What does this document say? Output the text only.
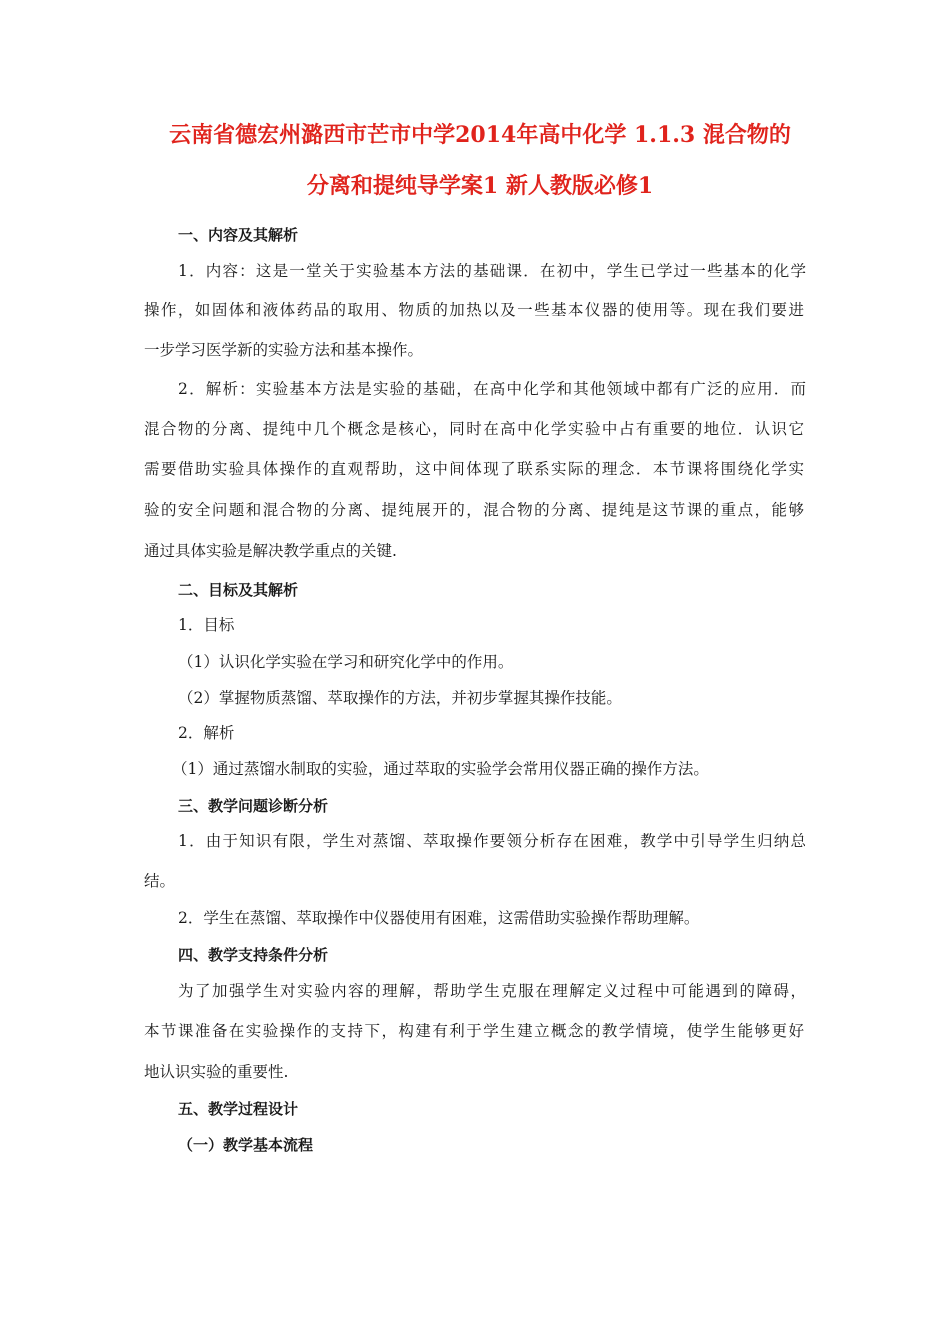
云南省德宏州潞西市芒市中学2014年高中化学 1.1.3 混合物的
分离和提纯导学案1 新人教版必修1
一、内容及其解析
1．内容：这是一堂关于实验基本方法的基础课．在初中，学生已学过一些基本的化学
操作，如固体和液体药品的取用、物质的加热以及一些基本仪器的使用等。现在我们要进
一步学习医学新的实验方法和基本操作。
2．解析：实验基本方法是实验的基础，在高中化学和其他领域中都有广泛的应用．而
混合物的分离、提纯中几个概念是核心，同时在高中化学实验中占有重要的地位．认识它
需要借助实验具体操作的直观帮助，这中间体现了联系实际的理念．本节课将围绕化学实
验的安全问题和混合物的分离、提纯展开的，混合物的分离、提纯是这节课的重点，能够
通过具体实验是解决教学重点的关键.
二、目标及其解析
1．目标
（1）认识化学实验在学习和研究化学中的作用。
（2）掌握物质蒸馏、萃取操作的方法，并初步掌握其操作技能。
2．解析
（1）通过蒸馏水制取的实验，通过萃取的实验学会常用仪器正确的操作方法。
三、教学问题诊断分析
1．由于知识有限，学生对蒸馏、萃取操作要领分析存在困难，教学中引导学生归纳总
结。
2．学生在蒸馏、萃取操作中仪器使用有困难，这需借助实验操作帮助理解。
四、教学支持条件分析
为了加强学生对实验内容的理解，帮助学生克服在理解定义过程中可能遇到的障碍，
本节课准备在实验操作的支持下，构建有利于学生建立概念的教学情境，使学生能够更好
地认识实验的重要性.
五、教学过程设计
（一）教学基本流程
